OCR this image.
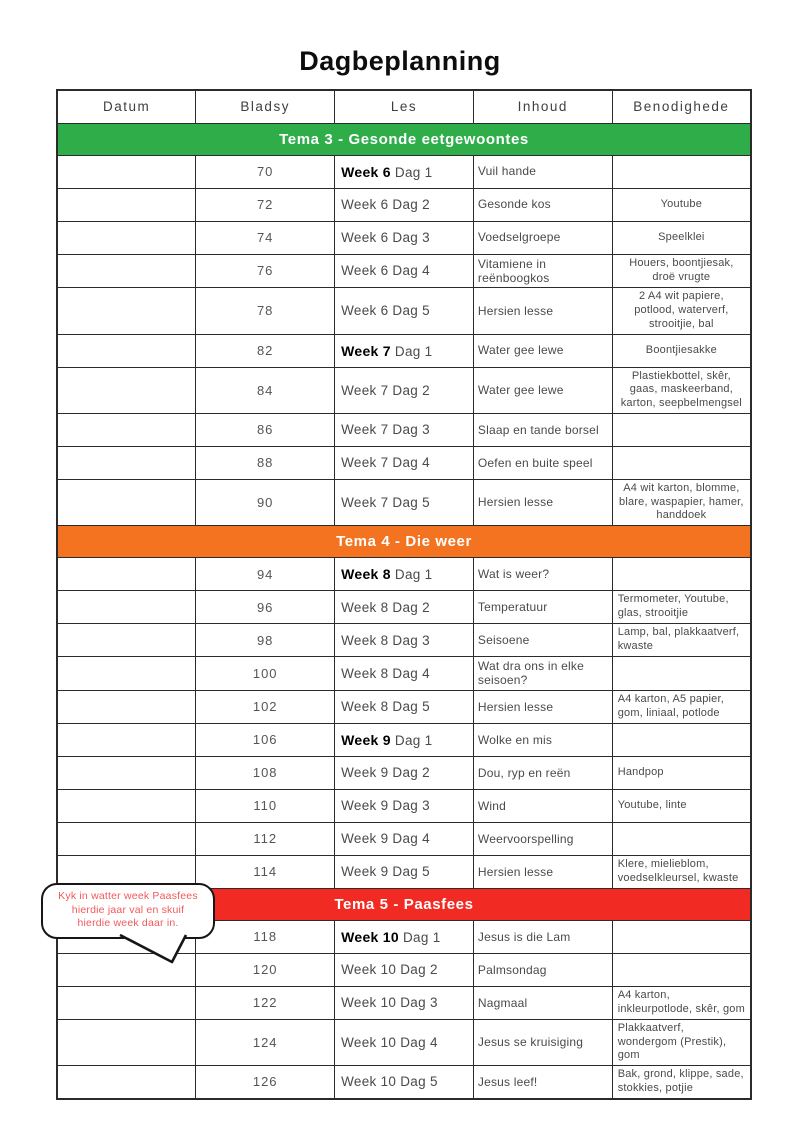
Dagbeplanning
Datum	Bladsy	Les	Inhoud	Benodighede
Tema 3 - Gesonde eetgewoontes				
	70	Week 6 Dag 1	Vuil hande	
	72	Week 6 Dag 2	Gesonde kos	Youtube
	74	Week 6 Dag 3	Voedselgroepe	Speelklei
	76	Week 6 Dag 4	Vitamiene in reënboogkos	Houers, boontjiesak, droë vrugte
	78	Week 6 Dag 5	Hersien lesse	2 A4 wit papiere, potlood, waterverf, strooitjie, bal
	82	Week 7 Dag 1	Water gee lewe	Boontjiesakke
	84	Week 7 Dag 2	Water gee lewe	Plastiekbottel, skêr, gaas, maskeerband, karton, seepbelmengsel
	86	Week 7 Dag 3	Slaap en tande borsel	
	88	Week 7 Dag 4	Oefen en buite speel	
	90	Week 7 Dag 5	Hersien lesse	A4 wit karton, blomme, blare, waspapier, hamer, handdoek
Tema 4 - Die weer				
	94	Week 8 Dag 1	Wat is weer?	
	96	Week 8 Dag 2	Temperatuur	Termometer, Youtube, glas, strooitjie
	98	Week 8 Dag 3	Seisoene	Lamp, bal, plakkaatverf, kwaste
	100	Week 8 Dag 4	Wat dra ons in elke seisoen?	
	102	Week 8 Dag 5	Hersien lesse	A4 karton, A5 papier, gom, liniaal, potlode
	106	Week 9 Dag 1	Wolke en mis	
	108	Week 9 Dag 2	Dou, ryp en reën	Handpop
	110	Week 9 Dag 3	Wind	Youtube, linte
	112	Week 9 Dag 4	Weervoorspelling	
	114	Week 9 Dag 5	Hersien lesse	Klere, mielieblom, voedselkleursel, kwaste
Tema 5 - Paasfees				
	118	Week 10 Dag 1	Jesus is die Lam	
	120	Week 10 Dag 2	Palmsondag	
	122	Week 10 Dag 3	Nagmaal	A4 karton, inkleurpotlode, skêr, gom
	124	Week 10 Dag 4	Jesus se kruisiging	Plakkaatverf, wondergom (Prestik), gom
	126	Week 10 Dag 5	Jesus leef!	Bak, grond, klippe, sade, stokkies, potjie
Kyk in watter week Paasfees
hierdie jaar val en skuif
hierdie week daar in.
